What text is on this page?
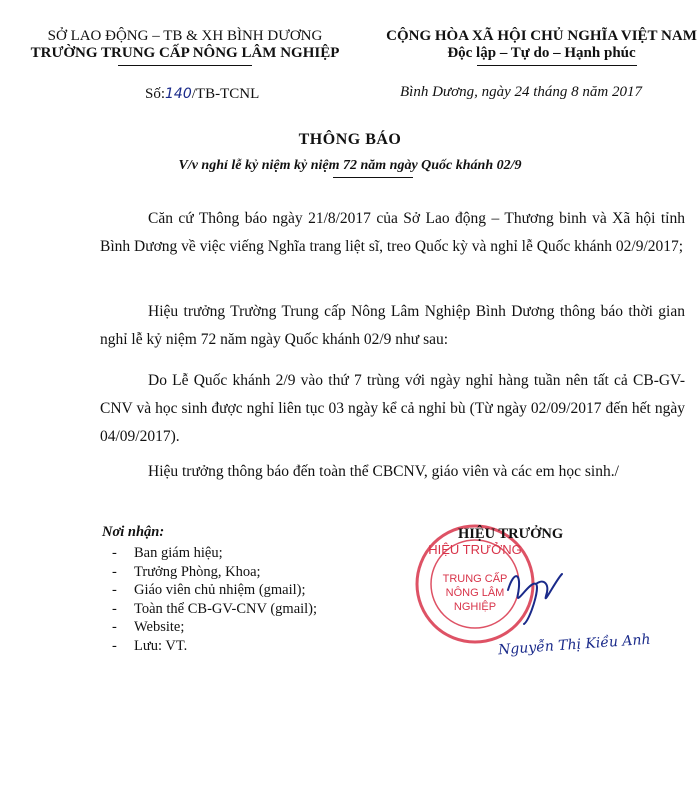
SỞ LAO ĐỘNG – TB & XH BÌNH DƯƠNG
TRƯỜNG TRUNG CẤP NÔNG LÂM NGHIỆP
CỘNG HÒA XÃ HỘI CHỦ NGHĨA VIỆT NAM
Độc lập – Tự do – Hạnh phúc
Số:140/TB-TCNL	Bình Dương, ngày 24 tháng 8 năm 2017
THÔNG BÁO
V/v nghỉ lễ kỷ niệm kỷ niệm 72 năm ngày Quốc khánh 02/9
Căn cứ Thông báo ngày 21/8/2017 của Sở Lao động – Thương binh và Xã hội tỉnh Bình Dương về việc viếng Nghĩa trang liệt sĩ, treo Quốc kỳ và nghỉ lễ Quốc khánh 02/9/2017;
Hiệu trưởng Trường Trung cấp Nông Lâm Nghiệp Bình Dương thông báo thời gian nghỉ lễ kỷ niệm 72 năm ngày Quốc khánh 02/9 như sau:
Do Lễ Quốc khánh 2/9 vào thứ 7 trùng với ngày nghỉ hàng tuần nên tất cả CB-GV-CNV và học sinh được nghỉ liên tục 03 ngày kể cả nghỉ bù (Từ ngày 02/09/2017 đến hết ngày 04/09/2017).
Hiệu trưởng thông báo đến toàn thể CBCNV, giáo viên và các em học sinh./
Nơi nhận:
- Ban giám hiệu;
- Trưởng Phòng, Khoa;
- Giáo viên chủ nhiệm (gmail);
- Toàn thể CB-GV-CNV (gmail);
- Website;
- Lưu: VT.
HIỆU TRƯỞNG
TRUNG CẤP
NÔNG LÂM
NGHIỆP
HIỆU TRƯỞNG
Nguyễn Thị Kiều Anh
